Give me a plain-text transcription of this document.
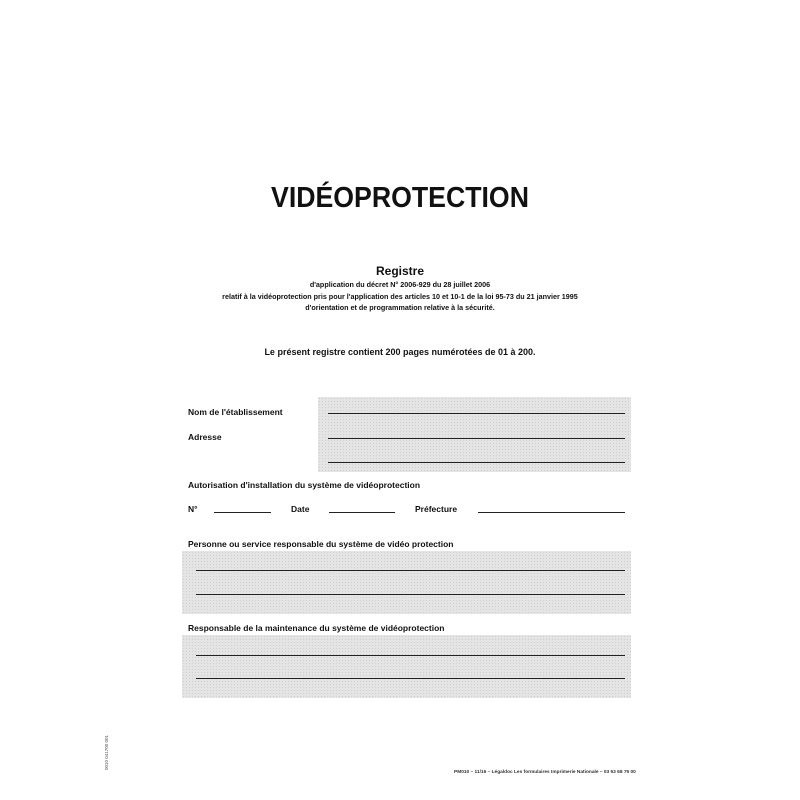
VIDÉOPROTECTION
Registre
d'application du décret N° 2006-929 du 28 juillet 2006
relatif à la vidéoprotection pris pour l'application des articles 10 et 10-1 de la loi 95-73 du 21 janvier 1995
d'orientation et de programmation relative à la sécurité.
Le présent registre contient 200 pages numérotées de 01 à 200.
Nom de l'établissement
Adresse
Autorisation d'installation du système de vidéoprotection
N°	Date	Préfecture
Personne ou service responsable du système de vidéo protection
Responsable de la maintenance du système de vidéoprotection
PM010 – 11/16 – Légaldoc Les formulaires Imprimerie Nationale – 03 53 68 75 00
0010 041700 001
